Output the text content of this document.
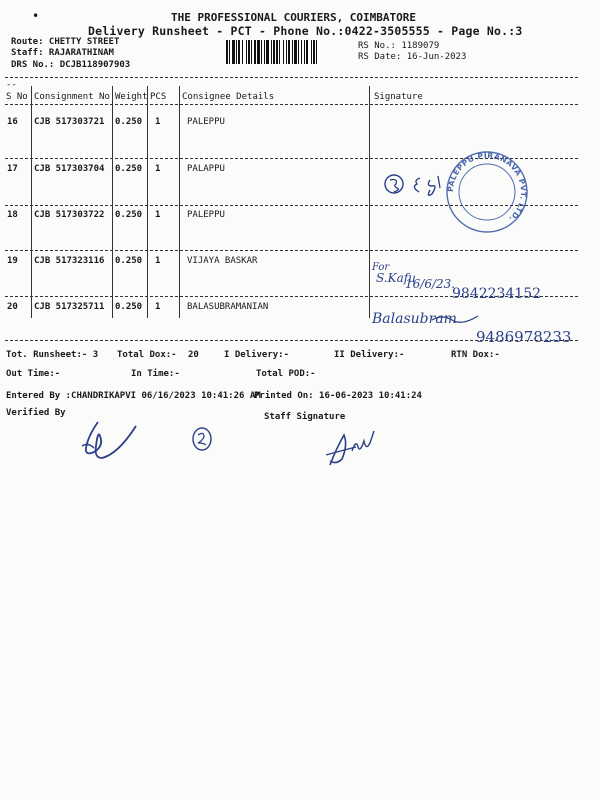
•	THE PROFESSIONAL COURIERS, COIMBATORE
Delivery Runsheet - PCT - Phone No.:0422-3505555 - Page No.:3
Route: CHETTY STREET
Staff: RAJARATHINAM
DRS No.: DCJB118907903
RS No.: 1189079
RS Date: 16-Jun-2023
--
S No Consignment No Weight PCS Consignee Details	Signature
16 CJB 517303721 0.250 1	PALEPPU
17 CJB 517303704 0.250 1	PALAPPU
18 CJB 517303722 0.250 1	PALEPPU
19 CJB 517323116 0.250 1	VIJAYA BASKAR
20 CJB 517325711 0.250 1	BALASUBRAMANIAN
Tot. Runsheet:- 3 Total Dox:- 20	I Delivery:-	II Delivery:-	RTN Dox:-
Out Time:-	In Time:-	Total POD:-
Entered By :CHANDRIKAPVI 06/16/2023 10:41:26 AM
Printed On: 16-06-2023 10:41:24
Verified By	Staff Signature
For
S.Kafu
16/6/23.
9842234152
Balasubram
9486978233
PALEPPU PIRANAVA PVT. LTD.
